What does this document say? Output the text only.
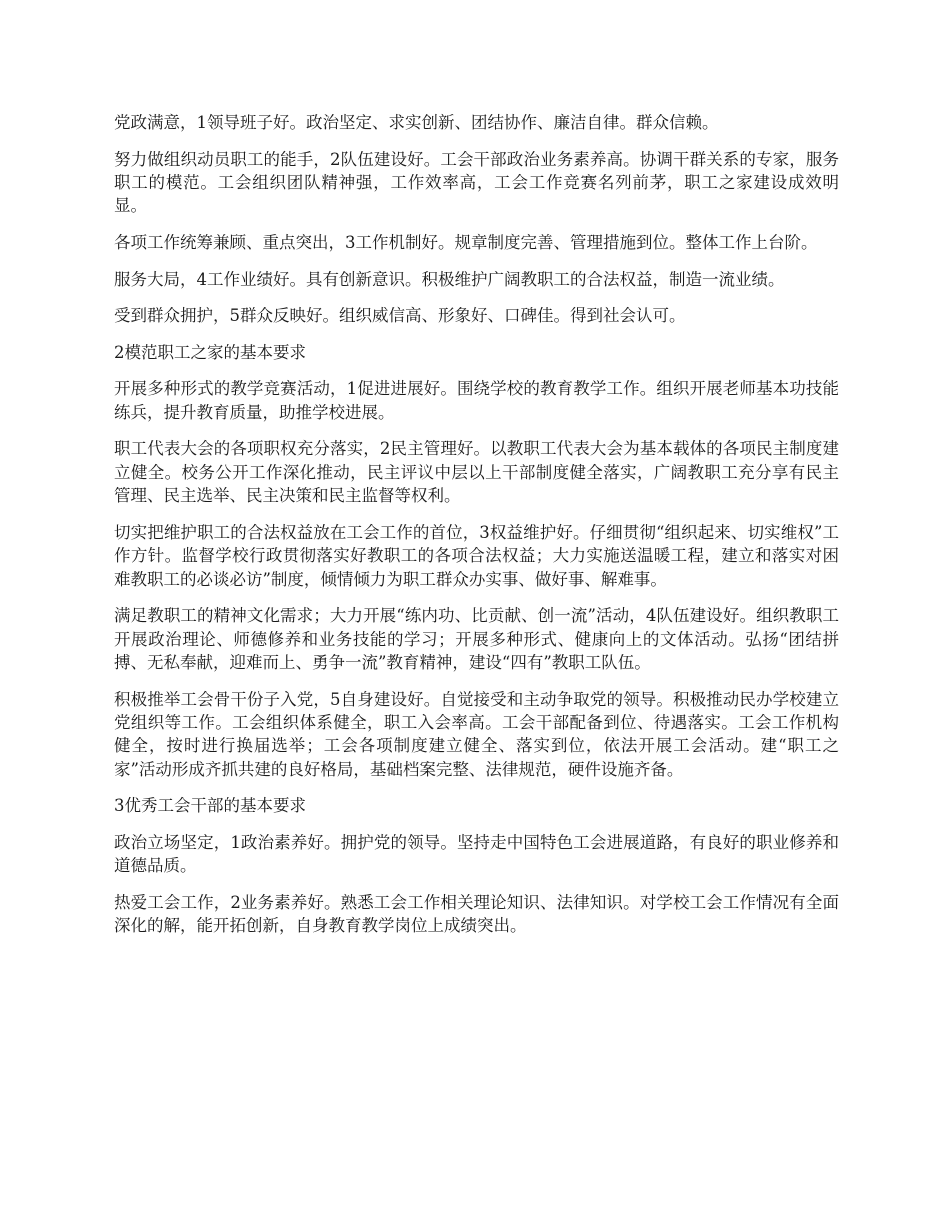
党政满意，1领导班子好。政治坚定、求实创新、团结协作、廉洁自律。群众信赖。

努力做组织动员职工的能手，2队伍建设好。工会干部政治业务素养高。协调干群关系的专家，服务职工的模范。工会组织团队精神强，工作效率高，工会工作竞赛名列前茅，职工之家建设成效明显。

各项工作统筹兼顾、重点突出，3工作机制好。规章制度完善、管理措施到位。整体工作上台阶。

服务大局，4工作业绩好。具有创新意识。积极维护广阔教职工的合法权益，制造一流业绩。

受到群众拥护，5群众反映好。组织威信高、形象好、口碑佳。得到社会认可。

2模范职工之家的基本要求

开展多种形式的教学竞赛活动，1促进进展好。围绕学校的教育教学工作。组织开展老师基本功技能练兵，提升教育质量，助推学校进展。

职工代表大会的各项职权充分落实，2民主管理好。以教职工代表大会为基本载体的各项民主制度建立健全。校务公开工作深化推动，民主评议中层以上干部制度健全落实，广阔教职工充分享有民主管理、民主选举、民主决策和民主监督等权利。

切实把维护职工的合法权益放在工会工作的首位，3权益维护好。仔细贯彻“组织起来、切实维权”工作方针。监督学校行政贯彻落实好教职工的各项合法权益；大力实施送温暖工程，建立和落实对困难教职工的必谈必访”制度，倾情倾力为职工群众办实事、做好事、解难事。

满足教职工的精神文化需求；大力开展“练内功、比贡献、创一流”活动，4队伍建设好。组织教职工开展政治理论、师德修养和业务技能的学习；开展多种形式、健康向上的文体活动。弘扬“团结拼搏、无私奉献，迎难而上、勇争一流”教育精神，建设“四有”教职工队伍。

积极推举工会骨干份子入党，5自身建设好。自觉接受和主动争取党的领导。积极推动民办学校建立党组织等工作。工会组织体系健全，职工入会率高。工会干部配备到位、待遇落实。工会工作机构健全，按时进行换届选举；工会各项制度建立健全、落实到位，依法开展工会活动。建“职工之家”活动形成齐抓共建的良好格局，基础档案完整、法律规范，硬件设施齐备。

3优秀工会干部的基本要求

政治立场坚定，1政治素养好。拥护党的领导。坚持走中国特色工会进展道路，有良好的职业修养和道德品质。

热爱工会工作，2业务素养好。熟悉工会工作相关理论知识、法律知识。对学校工会工作情况有全面深化的解，能开拓创新，自身教育教学岗位上成绩突出。
